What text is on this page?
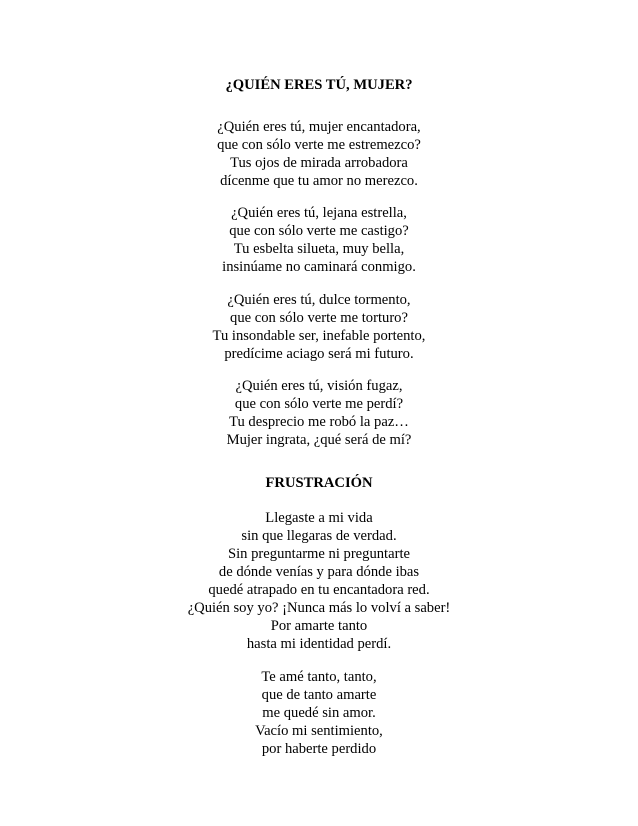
¿QUIÉN ERES TÚ, MUJER?
¿Quién eres tú, mujer encantadora,
que con sólo verte me estremezco?
Tus ojos de mirada arrobadora
dícenme que tu amor no merezco.
¿Quién eres tú, lejana estrella,
que con sólo verte me castigo?
Tu esbelta silueta, muy bella,
insinúame no caminará conmigo.
¿Quién eres tú, dulce tormento,
que con sólo verte me torturo?
Tu insondable ser, inefable portento,
predícime aciago será mi futuro.
¿Quién eres tú, visión fugaz,
que con sólo verte me perdí?
Tu desprecio me robó la paz…
Mujer ingrata, ¿qué será de mí?
FRUSTRACIÓN
Llegaste a mi vida
sin que llegaras de verdad.
Sin preguntarme ni preguntarte
de dónde venías y para dónde ibas
quedé atrapado en tu encantadora red.
¿Quién soy yo? ¡Nunca más lo volví a saber!
Por amarte tanto
hasta mi identidad perdí.
Te amé tanto, tanto,
que de tanto amarte
me quedé sin amor.
Vacío mi sentimiento,
por haberte perdido
